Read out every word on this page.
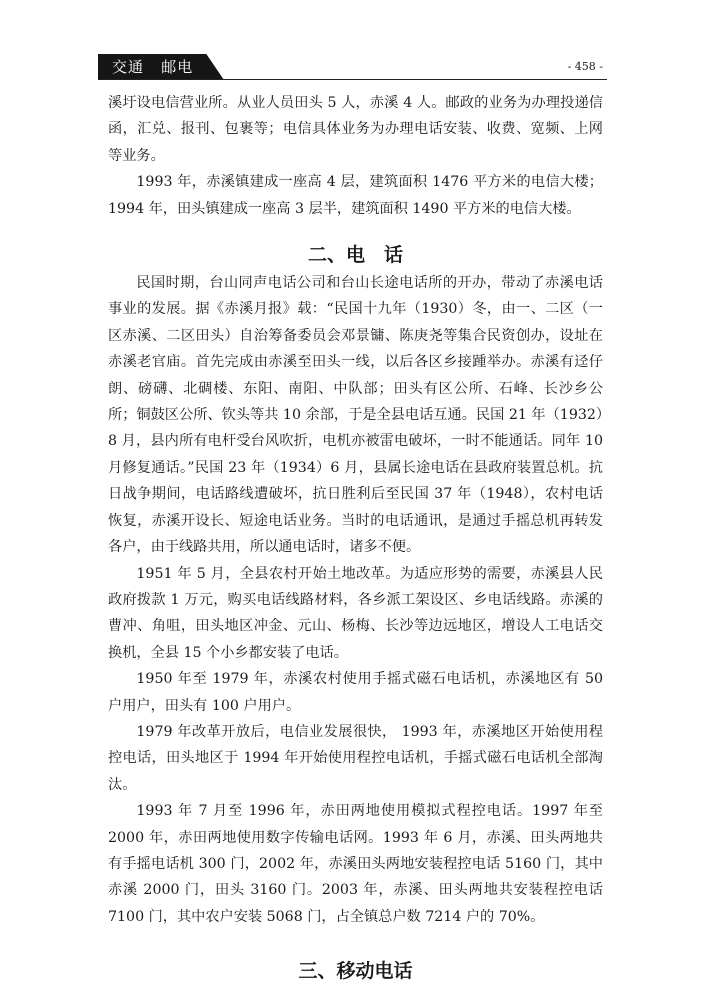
交通   邮电	- 458 -

溪圩设电信营业所。从业人员田头 5 人，赤溪 4 人。邮政的业务为办理投递信函，汇兑、报刊、包裹等；电信具体业务为办理电话安装、收费、宽频、上网等业务。

1993 年，赤溪镇建成一座高 4 层，建筑面积 1476 平方米的电信大楼； 1994 年，田头镇建成一座高 3 层半，建筑面积 1490 平方米的电信大楼。

二、电　话

民国时期，台山同声电话公司和台山长途电话所的开办，带动了赤溪电话事业的发展。据《赤溪月报》载：“民国十九年（1930）冬，由一、二区（一区赤溪、二区田头）自治筹备委员会邓景镛、陈庚尧等集合民资创办，设址在赤溪老官庙。首先完成由赤溪至田头一线，以后各区乡接踵举办。赤溪有迳仔朗、磅礴、北碉楼、东阳、南阳、中队部；田头有区公所、石峰、长沙乡公所；铜鼓区公所、钦头等共 10 余部，于是全县电话互通。民国 21 年（1932）8 月，县内所有电杆受台风吹折，电机亦被雷电破坏，一时不能通话。同年 10 月修复通话。”民国 23 年（1934）6 月，县属长途电话在县政府装置总机。抗日战争期间，电话路线遭破坏，抗日胜利后至民国 37 年（1948），农村电话恢复，赤溪开设长、短途电话业务。当时的电话通讯，是通过手摇总机再转发各户，由于线路共用，所以通电话时，诸多不便。

1951 年 5 月，全县农村开始土地改革。为适应形势的需要，赤溪县人民政府拨款 1 万元，购买电话线路材料，各乡派工架设区、乡电话线路。赤溪的曹冲、角咀，田头地区冲金、元山、杨梅、长沙等边远地区，增设人工电话交换机，全县 15 个小乡都安装了电话。

1950 年至 1979 年，赤溪农村使用手摇式磁石电话机，赤溪地区有 50 户用户，田头有 100 户用户。

1979 年改革开放后，电信业发展很快， 1993 年，赤溪地区开始使用程控电话，田头地区于 1994 年开始使用程控电话机，手摇式磁石电话机全部淘汰。

1993 年 7 月至 1996 年，赤田两地使用模拟式程控电话。1997 年至 2000 年，赤田两地使用数字传输电话网。1993 年 6 月，赤溪、田头两地共有手摇电话机 300 门，2002 年，赤溪田头两地安装程控电话 5160 门，其中赤溪 2000 门，田头 3160 门。2003 年，赤溪、田头两地共安装程控电话 7100 门，其中农户安装 5068 门，占全镇总户数 7214 户的 70%。

三、移动电话
